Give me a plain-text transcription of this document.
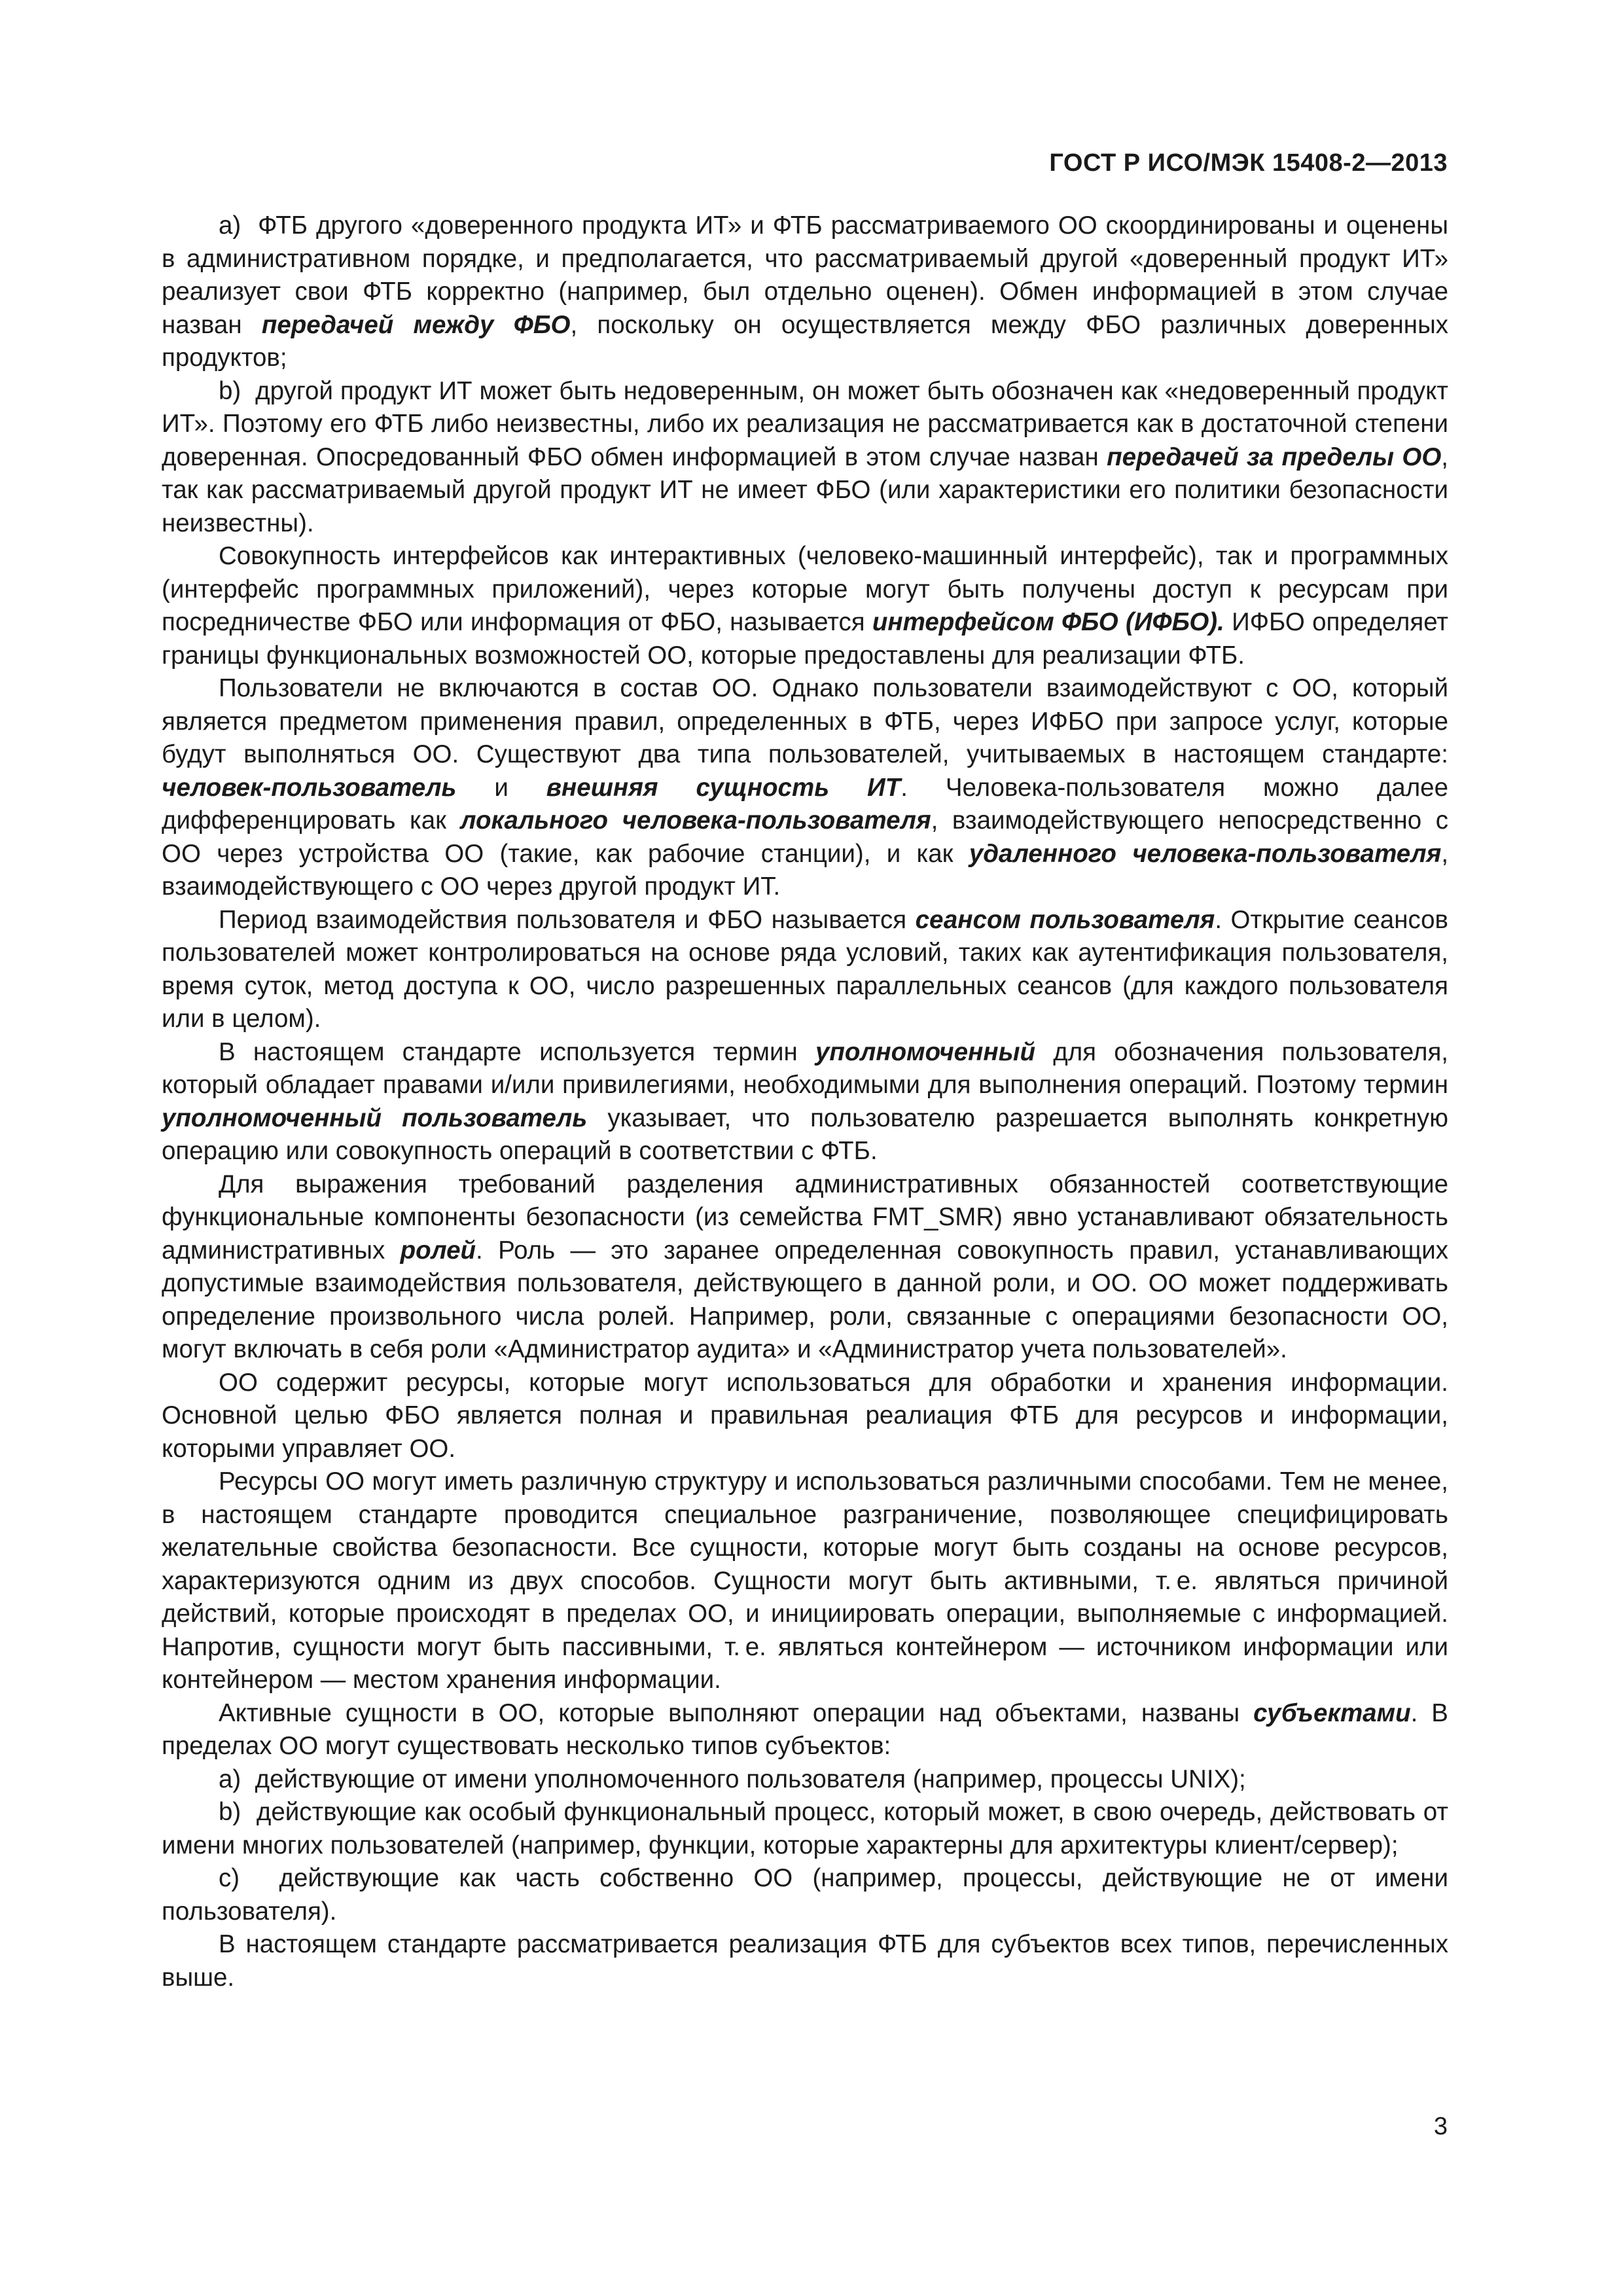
ГОСТ Р ИСО/МЭК 15408-2—2013

a)  ФТБ другого «доверенного продукта ИТ» и ФТБ рассматриваемого ОО скоординированы и оценены в административном порядке, и предполагается, что рассматриваемый другой «доверенный продукт ИТ» реализует свои ФТБ корректно (например, был отдельно оценен). Обмен информацией в этом случае назван передачей между ФБО, поскольку он осуществляется между ФБО различных доверенных продуктов;

b)  другой продукт ИТ может быть недоверенным, он может быть обозначен как «недоверенный продукт ИТ». Поэтому его ФТБ либо неизвестны, либо их реализация не рассматривается как в достаточной степени доверенная. Опосредованный ФБО обмен информацией в этом случае назван передачей за пределы ОО, так как рассматриваемый другой продукт ИТ не имеет ФБО (или характеристики его политики безопасности неизвестны).

Совокупность интерфейсов как интерактивных (человеко-машинный интерфейс), так и программных (интерфейс программных приложений), через которые могут быть получены доступ к ресурсам при посредничестве ФБО или информация от ФБО, называется интерфейсом ФБО (ИФБО). ИФБО определяет границы функциональных возможностей ОО, которые предоставлены для реализации ФТБ.

Пользователи не включаются в состав ОО. Однако пользователи взаимодействуют с ОО, который является предметом применения правил, определенных в ФТБ, через ИФБО при запросе услуг, которые будут выполняться ОО. Существуют два типа пользователей, учитываемых в настоящем стандарте: человек-пользователь и внешняя сущность ИТ. Человека-пользователя можно далее дифференцировать как локального человека-пользователя, взаимодействующего непосредственно с ОО через устройства ОО (такие, как рабочие станции), и как удаленного человека-пользователя, взаимодействующего с ОО через другой продукт ИТ.

Период взаимодействия пользователя и ФБО называется сеансом пользователя. Открытие сеансов пользователей может контролироваться на основе ряда условий, таких как аутентификация пользователя, время суток, метод доступа к ОО, число разрешенных параллельных сеансов (для каждого пользователя или в целом).

В настоящем стандарте используется термин уполномоченный для обозначения пользователя, который обладает правами и/или привилегиями, необходимыми для выполнения операций. Поэтому термин уполномоченный пользователь указывает, что пользователю разрешается выполнять конкретную операцию или совокупность операций в соответствии с ФТБ.

Для выражения требований разделения административных обязанностей соответствующие функциональные компоненты безопасности (из семейства FMT_SMR) явно устанавливают обязательность административных ролей. Роль — это заранее определенная совокупность правил, устанавливающих допустимые взаимодействия пользователя, действующего в данной роли, и ОО. ОО может поддерживать определение произвольного числа ролей. Например, роли, связанные с операциями безопасности ОО, могут включать в себя роли «Администратор аудита» и «Администратор учета пользователей».

ОО содержит ресурсы, которые могут использоваться для обработки и хранения информации. Основной целью ФБО является полная и правильная реалиация ФТБ для ресурсов и информации, которыми управляет ОО.

Ресурсы ОО могут иметь различную структуру и использоваться различными способами. Тем не менее, в настоящем стандарте проводится специальное разграничение, позволяющее специфицировать желательные свойства безопасности. Все сущности, которые могут быть созданы на основе ресурсов, характеризуются одним из двух способов. Сущности могут быть активными, т. е. являться причиной действий, которые происходят в пределах ОО, и инициировать операции, выполняемые с информацией. Напротив, сущности могут быть пассивными, т. е. являться контейнером — источником информации или контейнером — местом хранения информации.

Активные сущности в ОО, которые выполняют операции над объектами, названы субъектами. В пределах ОО могут существовать несколько типов субъектов:

a)  действующие от имени уполномоченного пользователя (например, процессы UNIX);

b)  действующие как особый функциональный процесс, который может, в свою очередь, действовать от имени многих пользователей (например, функции, которые характерны для архитектуры клиент/сервер);

c)  действующие как часть собственно ОО (например, процессы, действующие не от имени пользователя).

В настоящем стандарте рассматривается реализация ФТБ для субъектов всех типов, перечисленных выше.

3
